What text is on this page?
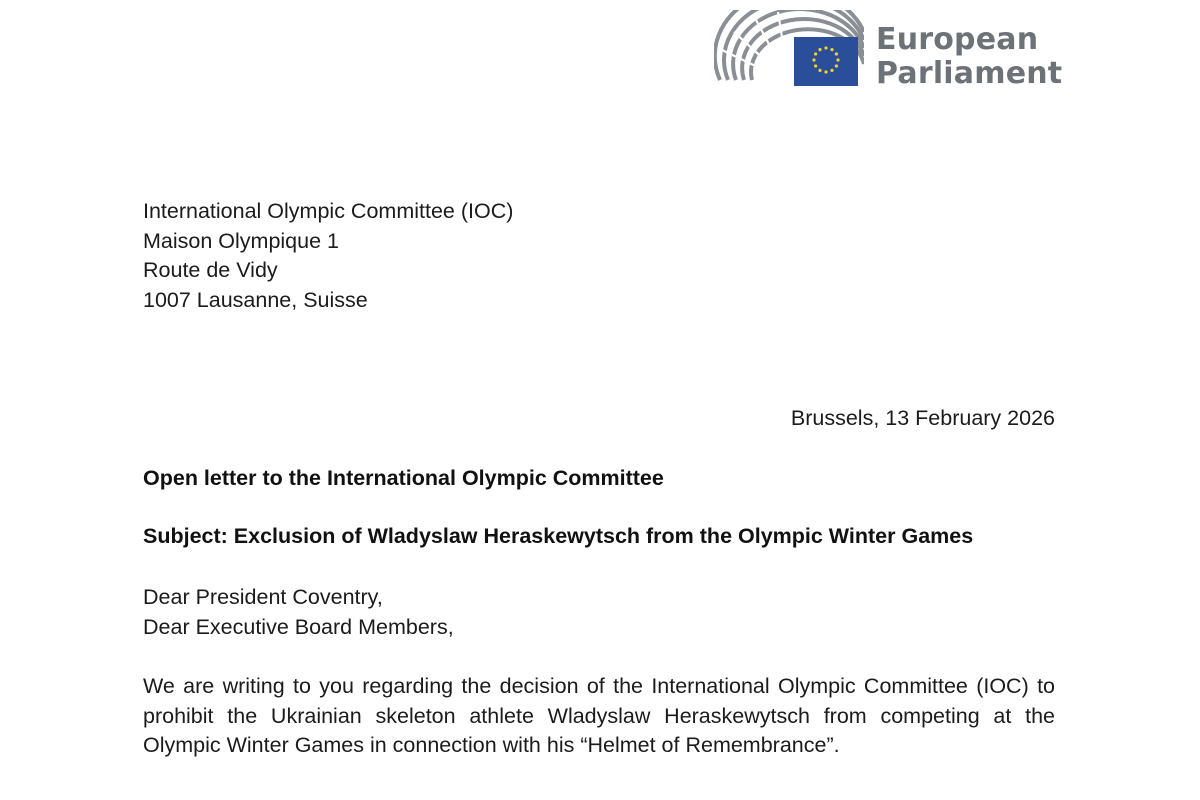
European
Parliament
International Olympic Committee (IOC)
Maison Olympique 1
Route de Vidy
1007 Lausanne, Suisse
Brussels, 13 February 2026
Open letter to the International Olympic Committee
Subject: Exclusion of Wladyslaw Heraskewytsch from the Olympic Winter Games
Dear President Coventry,
Dear Executive Board Members,
We are writing to you regarding the decision of the International Olympic Committee (IOC) to prohibit the Ukrainian skeleton athlete Wladyslaw Heraskewytsch from competing at the Olympic Winter Games in connection with his “Helmet of Remembrance”.
